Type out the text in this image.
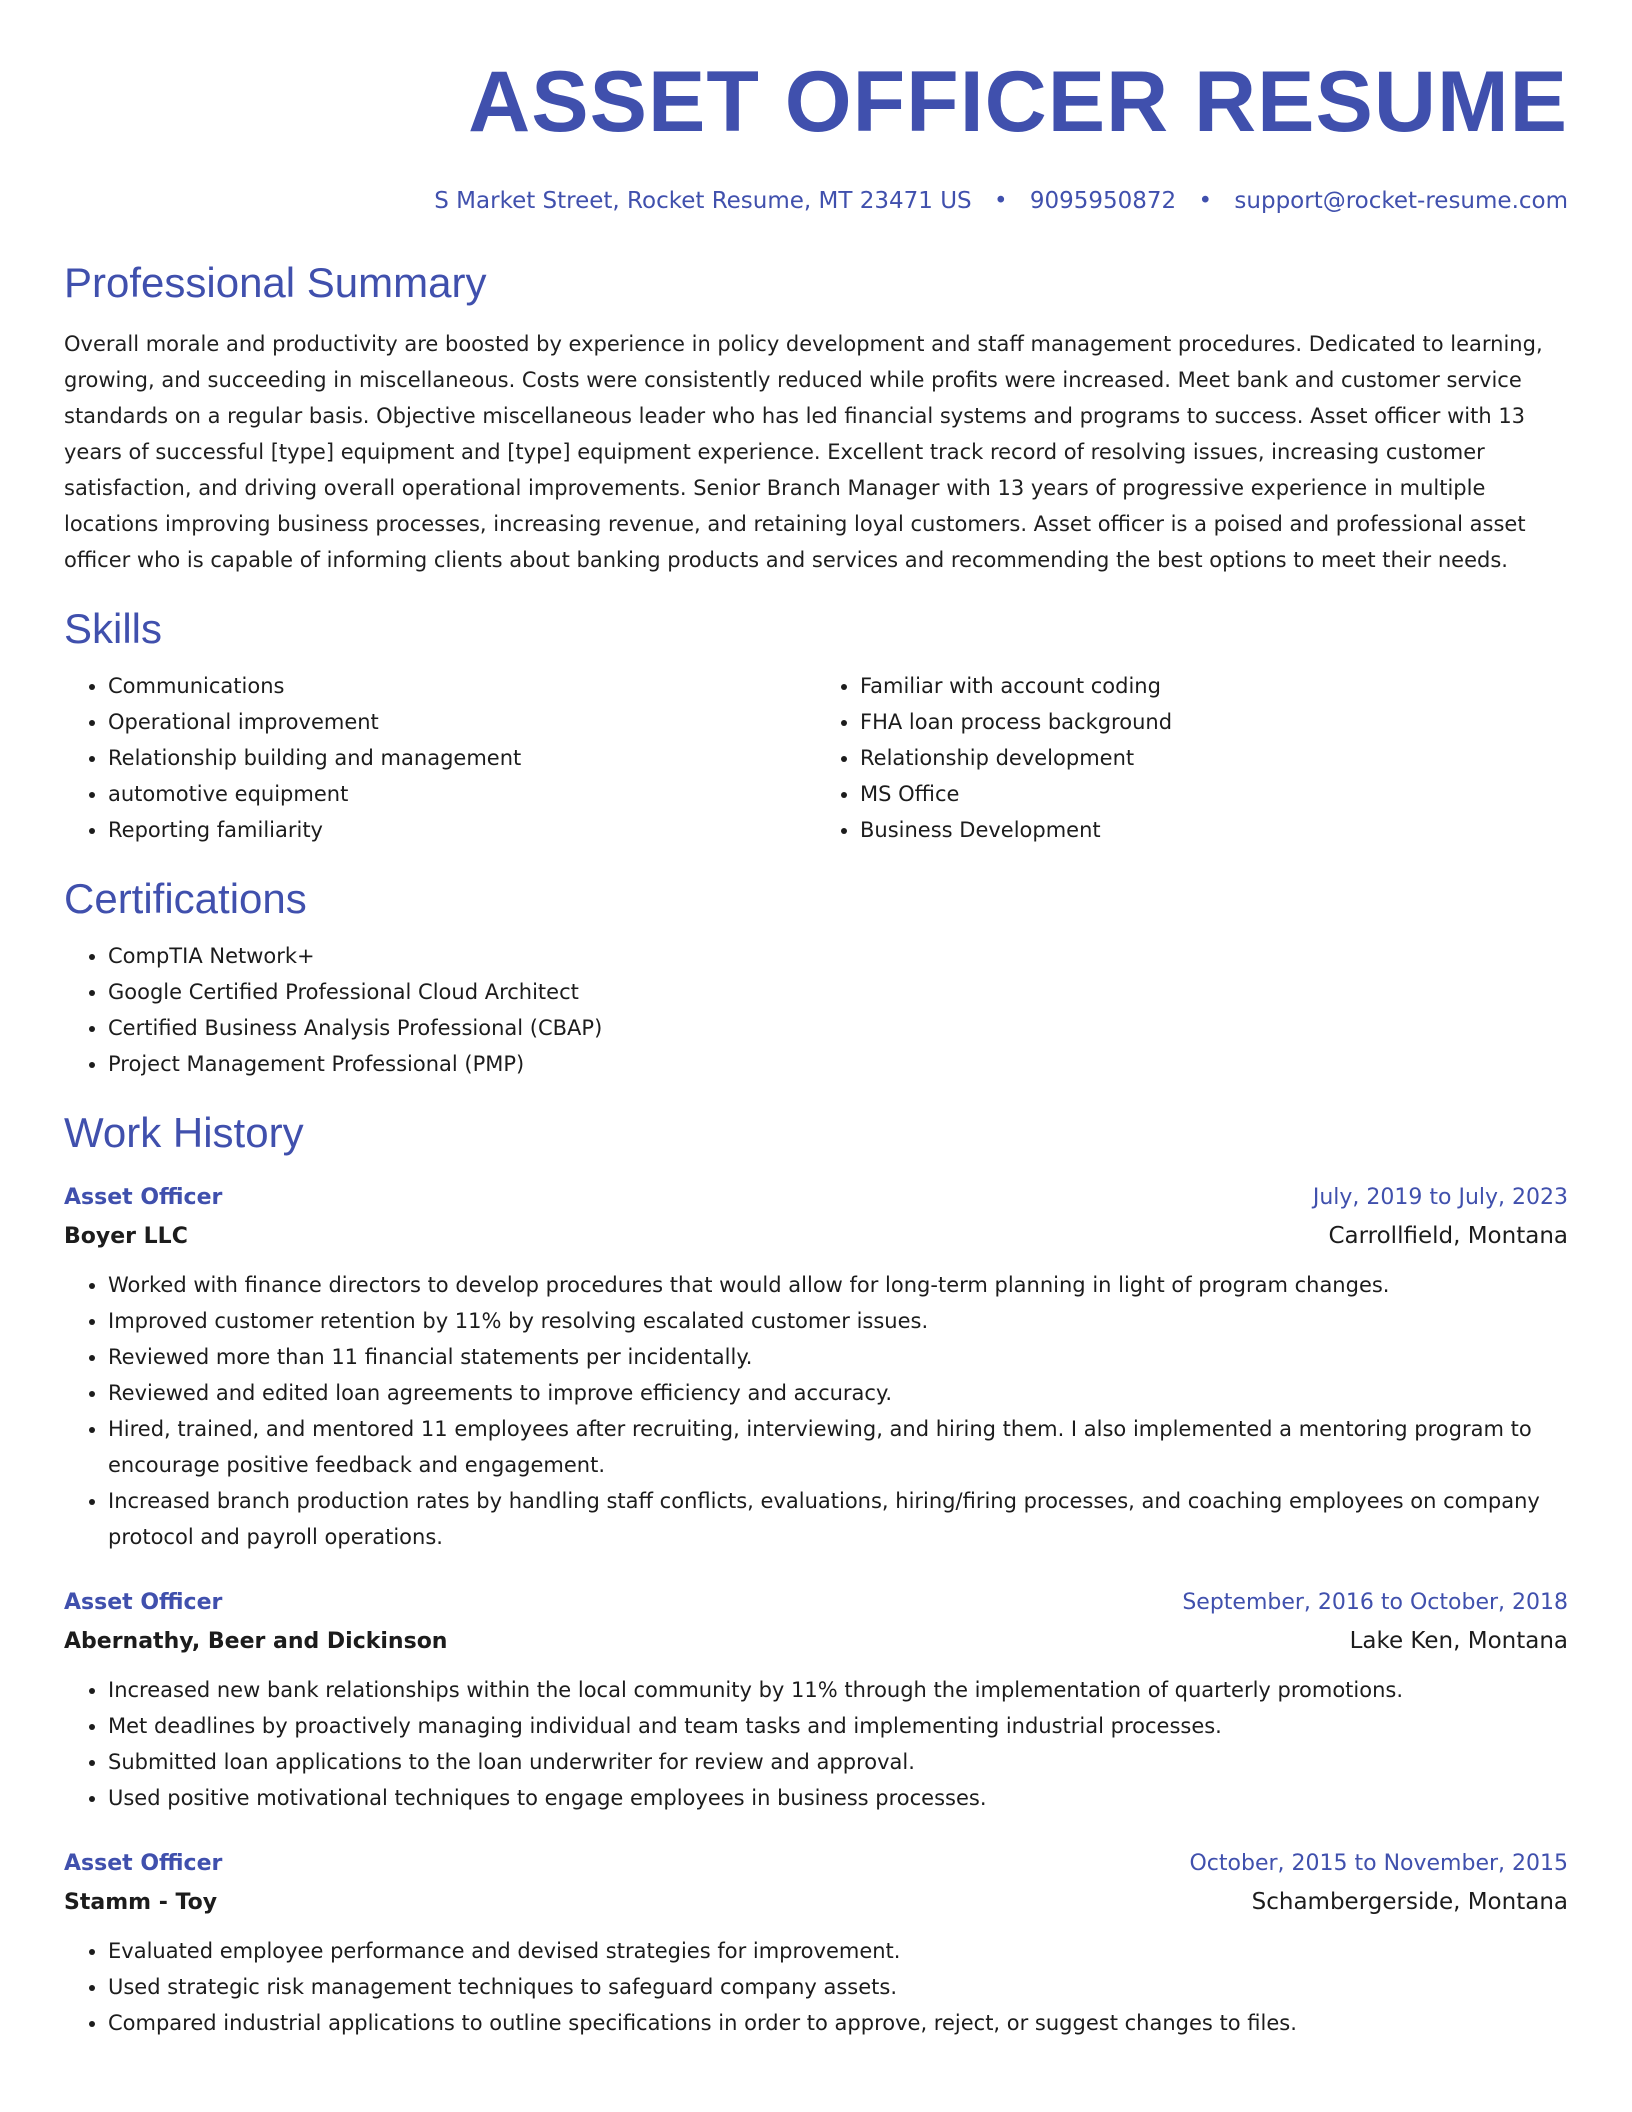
ASSET OFFICER RESUME
S Market Street, Rocket Resume, MT 23471 US • 9095950872 • support@rocket-resume.com
Professional Summary
Overall morale and productivity are boosted by experience in policy development and staff management procedures. Dedicated to learning, growing, and succeeding in miscellaneous. Costs were consistently reduced while profits were increased. Meet bank and customer service standards on a regular basis. Objective miscellaneous leader who has led financial systems and programs to success. Asset officer with 13 years of successful [type] equipment and [type] equipment experience. Excellent track record of resolving issues, increasing customer satisfaction, and driving overall operational improvements. Senior Branch Manager with 13 years of progressive experience in multiple locations improving business processes, increasing revenue, and retaining loyal customers. Asset officer is a poised and professional asset officer who is capable of informing clients about banking products and services and recommending the best options to meet their needs.
Skills
• Communications
• Operational improvement
• Relationship building and management
• automotive equipment
• Reporting familiarity
• Familiar with account coding
• FHA loan process background
• Relationship development
• MS Office
• Business Development
Certifications
• CompTIA Network+
• Google Certified Professional Cloud Architect
• Certified Business Analysis Professional (CBAP)
• Project Management Professional (PMP)
Work History
Asset Officer	July, 2019 to July, 2023
Boyer LLC	Carrollfield, Montana
• Worked with finance directors to develop procedures that would allow for long-term planning in light of program changes.
• Improved customer retention by 11% by resolving escalated customer issues.
• Reviewed more than 11 financial statements per incidentally.
• Reviewed and edited loan agreements to improve efficiency and accuracy.
• Hired, trained, and mentored 11 employees after recruiting, interviewing, and hiring them. I also implemented a mentoring program to encourage positive feedback and engagement.
• Increased branch production rates by handling staff conflicts, evaluations, hiring/firing processes, and coaching employees on company protocol and payroll operations.
Asset Officer	September, 2016 to October, 2018
Abernathy, Beer and Dickinson	Lake Ken, Montana
• Increased new bank relationships within the local community by 11% through the implementation of quarterly promotions.
• Met deadlines by proactively managing individual and team tasks and implementing industrial processes.
• Submitted loan applications to the loan underwriter for review and approval.
• Used positive motivational techniques to engage employees in business processes.
Asset Officer	October, 2015 to November, 2015
Stamm - Toy	Schambergerside, Montana
• Evaluated employee performance and devised strategies for improvement.
• Used strategic risk management techniques to safeguard company assets.
• Compared industrial applications to outline specifications in order to approve, reject, or suggest changes to files.
